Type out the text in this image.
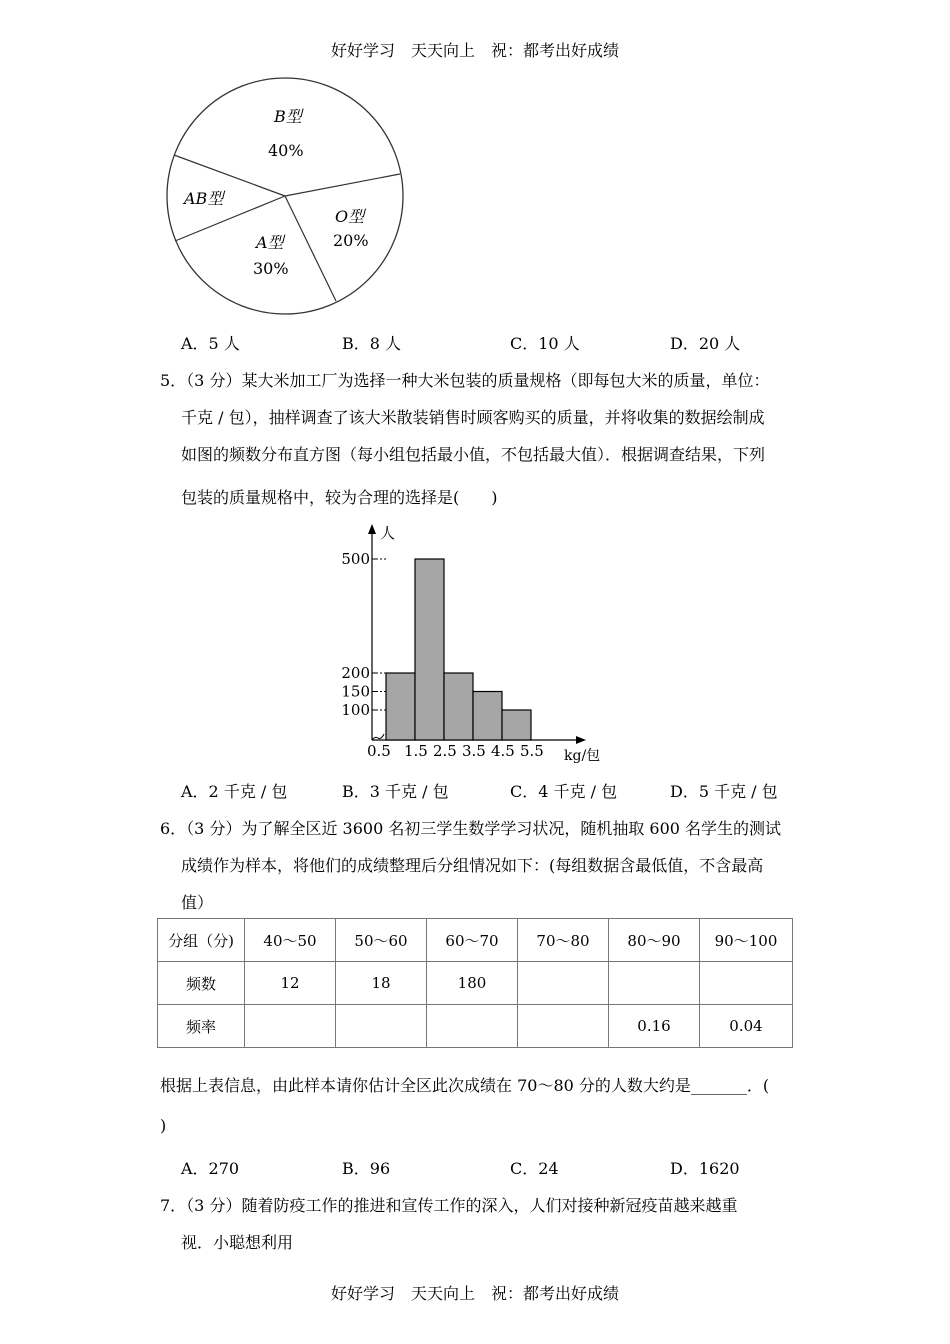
好好学习　天天向上　祝：都考出好成绩
B型
40%
O型
20%
A型
30%
AB型
A．5 人	B．8 人	C．10 人	D．20 人
5．（3 分）某大米加工厂为选择一种大米包装的质量规格（即每包大米的质量，单位：
千克 / 包），抽样调查了该大米散装销售时顾客购买的质量，并将收集的数据绘制成
如图的频数分布直方图（每小组包括最小值，不包括最大值）．根据调查结果，下列
包装的质量规格中，较为合理的选择是(　　)
人
kg/包
100
150
200
500
0.5 1.5 2.5 3.5 4.5 5.5
A．2 千克 / 包	B．3 千克 / 包	C．4 千克 / 包	D．5 千克 / 包
6．（3 分）为了解全区近 3600 名初三学生数学学习状况，随机抽取 600 名学生的测试
成绩作为样本，将他们的成绩整理后分组情况如下：(每组数据含最低值，不含最高
值）
分组（分)	40～50	50～60	60～70	70～80	80～90	90～100
频数	12	18	180			
频率					0.16	0.04
根据上表信息，由此样本请你估计全区此次成绩在 70～80 分的人数大约是_______．(
)
A．270	B．96	C．24	D．1620
7．（3 分）随着防疫工作的推进和宣传工作的深入，人们对接种新冠疫苗越来越重
视．小聪想利用
好好学习　天天向上　祝：都考出好成绩
